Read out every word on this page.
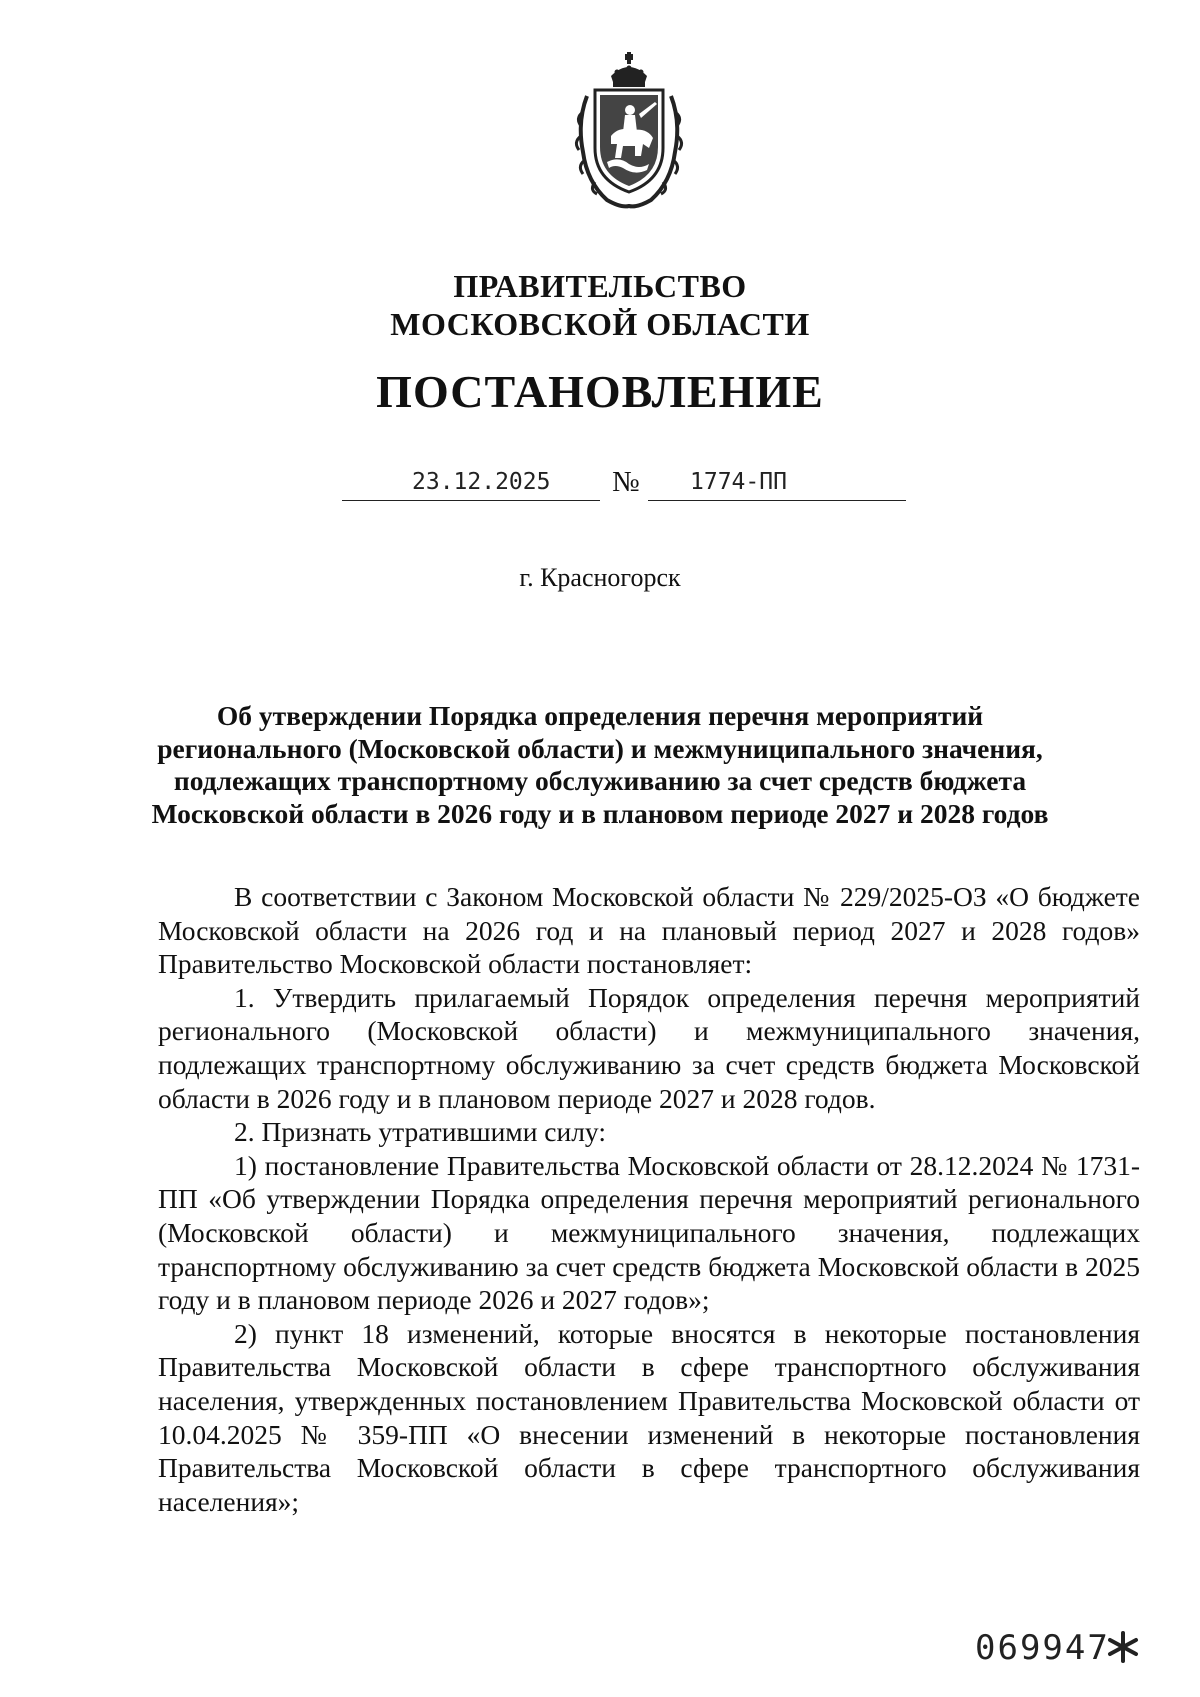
ПРАВИТЕЛЬСТВО
МОСКОВСКОЙ ОБЛАСТИ
ПОСТАНОВЛЕНИЕ
23.12.2025 № 1774-ПП
г. Красногорск
Об утверждении Порядка определения перечня мероприятий регионального (Московской области) и межмуниципального значения, подлежащих транспортному обслуживанию за счет средств бюджета Московской области в 2026 году и в плановом периоде 2027 и 2028 годов

В соответствии с Законом Московской области № 229/2025-ОЗ «О бюджете Московской области на 2026 год и на плановый период 2027 и 2028 годов» Правительство Московской области постановляет:

1. Утвердить прилагаемый Порядок определения перечня мероприятий регионального (Московской области) и межмуниципального значения, подлежащих транспортному обслуживанию за счет средств бюджета Московской области в 2026 году и в плановом периоде 2027 и 2028 годов.

2. Признать утратившими силу:

1) постановление Правительства Московской области от 28.12.2024 № 1731-ПП «Об утверждении Порядка определения перечня мероприятий регионального (Московской области) и межмуниципального значения, подлежащих транспортному обслуживанию за счет средств бюджета Московской области в 2025 году и в плановом периоде 2026 и 2027 годов»;

2) пункт 18 изменений, которые вносятся в некоторые постановления Правительства Московской области в сфере транспортного обслуживания населения, утвержденных постановлением Правительства Московской области от 10.04.2025 № 359-ПП «О внесении изменений в некоторые постановления Правительства Московской области в сфере транспортного обслуживания населения»;

069947
